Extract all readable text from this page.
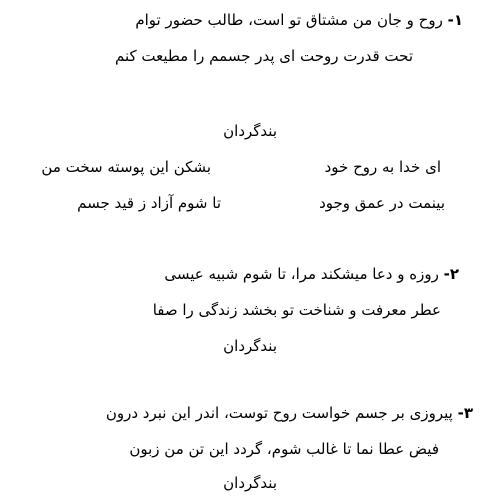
۱- روح و جان من مشتاق تو است، طالب حضور توام
تحت قدرت روحت ای پدر جسمم را مطیعت کنم
بندگردان
بشکن این پوسته سخت من	ای خدا به روح خود
تا شوم آزاد ز قید جسم	بینمت در عمق وجود
۲- روزه و دعا میشکند مرا، تا شوم شبیه عیسی
عطر معرفت و شناخت تو بخشد زندگی را صفا
بندگردان
۳- پیروزی بر جسم خواست روح توست، اندر این نبرد درون
فیض عطا نما تا غالب شوم، گردد این تن من زبون
بندگردان
